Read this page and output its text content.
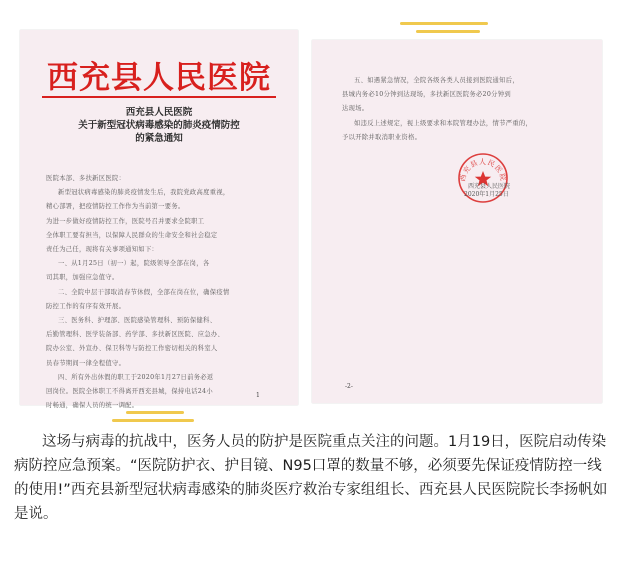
西充县人民医院
西充县人民医院
关于新型冠状病毒感染的肺炎疫情防控
的紧急通知

医院本部、多扶新区医院：

新型冠状病毒感染的肺炎疫情发生后，我院党政高度重视，

精心部署，把疫情防控工作作为当前第一要务。

为进一步做好疫情防控工作，医院号召并要求全院职工

全体职工要有担当，以保障人民群众的生命安全和社会稳定

责任为己任，现将有关事项通知如下：

一、从1月25日（初一）起，院级领导全部在岗，各

司其职，加强应急值守。

二、全院中层干部取消春节休假，全部在岗在位，确保疫情

防控工作的有序有效开展。

三、医务科、护理部、医院感染管理科、预防保健科、

后勤管理科、医学装备部、药学部、多扶新区医院、应急办、

院办公室、外宣办、保卫科等与防控工作密切相关的科室人

员春节期间一律全程值守。

四、所有外出休假的职工于2020年1月27日前务必返

回岗位。医院全体职工不得离开西充县城，保持电话24小

时畅通，确保人员的统一调配。

1

五、如遇紧急情况，全院各级各类人员接到医院通知后，

县城内务必10分钟到达现场，多扶新区医院务必20分钟到

达现场。

如违反上述规定，视上级要求和本院管理办法，情节严重的，

予以开除并取消职业资格。

西充县人民医院
西充县人民医院
2020年1月25日
-2-

这场与病毒的抗战中，医务人员的防护是医院重点关注的问题。1月19日，医院启动传染病防控应急预案。“医院防护衣、护目镜、N95口罩的数量不够，必须要先保证疫情防控一线的使用!”西充县新型冠状病毒感染的肺炎医疗救治专家组组长、西充县人民医院院长李扬帆如是说。
